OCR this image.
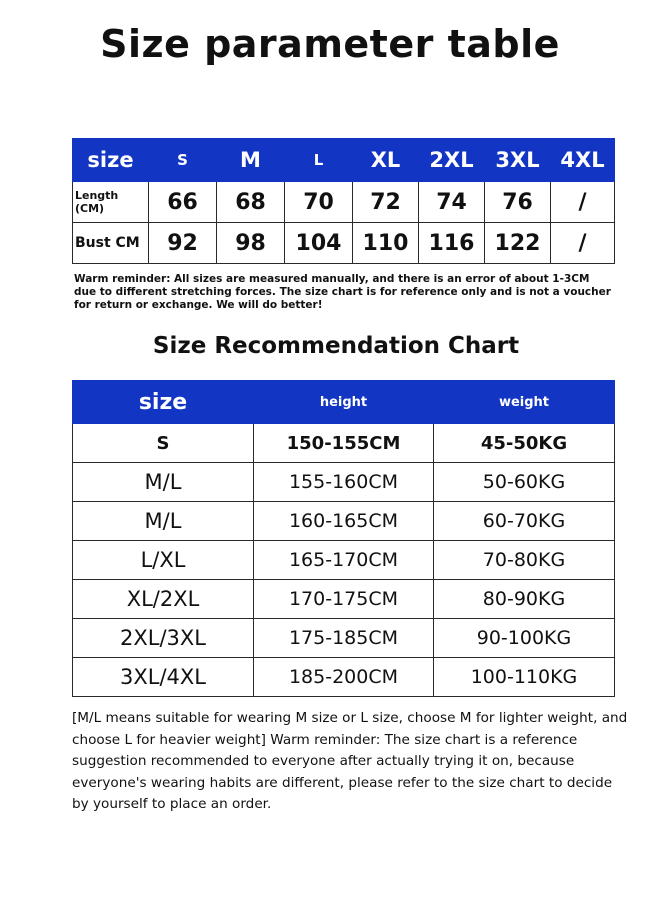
Size parameter table
size	S	M	L	XL	2XL	3XL	4XL
Length (CM)	66	68	70	72	74	76	/
Bust CM	92	98	104	110	116	122	/
Warm reminder: All sizes are measured manually, and there is an error of about 1-3CM due to different stretching forces. The size chart is for reference only and is not a voucher for return or exchange. We will do better!
Size Recommendation Chart
size	height	weight
S	150-155CM	45-50KG
M/L	155-160CM	50-60KG
M/L	160-165CM	60-70KG
L/XL	165-170CM	70-80KG
XL/2XL	170-175CM	80-90KG
2XL/3XL	175-185CM	90-100KG
3XL/4XL	185-200CM	100-110KG
[M/L means suitable for wearing M size or L size, choose M for lighter weight, and choose L for heavier weight] Warm reminder: The size chart is a reference suggestion recommended to everyone after actually trying it on, because everyone's wearing habits are different, please refer to the size chart to decide by yourself to place an order.
